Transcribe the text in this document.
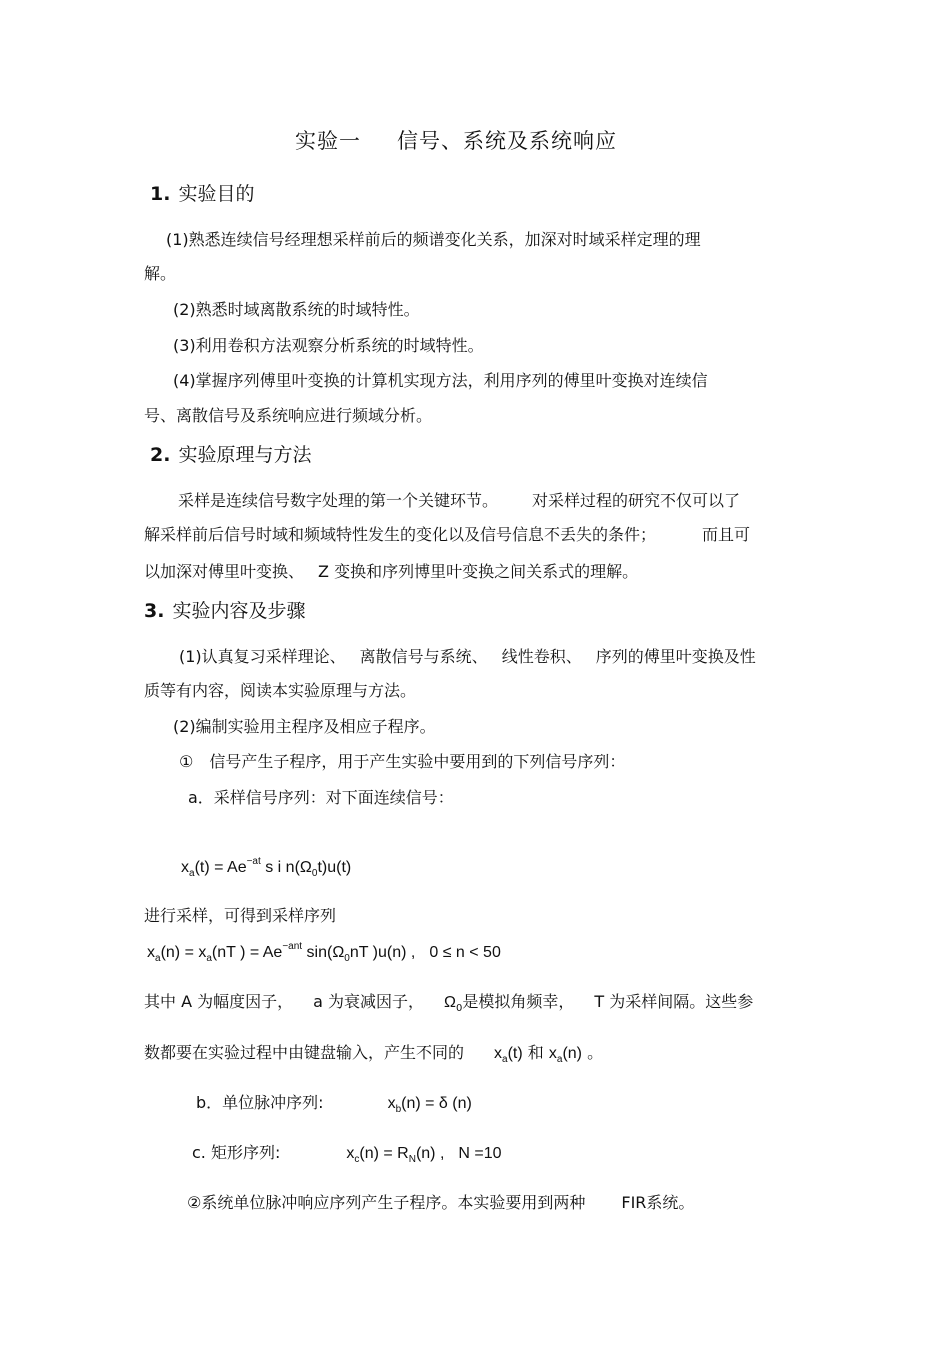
实验一 信号、系统及系统响应
1. 实验目的
(1)熟悉连续信号经理想采样前后的频谱变化关系，加深对时域采样定理的理
解。
(2)熟悉时域离散系统的时域特性。
(3)利用卷积方法观察分析系统的时域特性。
(4)掌握序列傅里叶变换的计算机实现方法，利用序列的傅里叶变换对连续信
号、离散信号及系统响应进行频域分析。
2. 实验原理与方法
采样是连续信号数字处理的第一个关键环节。 对采样过程的研究不仅可以了
解采样前后信号时域和频域特性发生的变化以及信号信息不丢失的条件；	而且可
以加深对傅里叶变换、 Z 变换和序列博里叶变换之间关系式的理解。
3. 实验内容及步骤
(1)认真复习采样理论、 离散信号与系统、 线性卷积、 序列的傅里叶变换及性
质等有内容，阅读本实验原理与方法。
(2)编制实验用主程序及相应子程序。
① 信号产生子程序，用于产生实验中要用到的下列信号序列：
a．采样信号序列：对下面连续信号：
$x_a(t) = Ae^{-at}$ s i $n(\Omega_0t)u(t)$
进行采样，可得到采样序列
$x_a(n) = x_a(nT$ ) = $Ae^{-ant}$ $\sin(\Omega_0nT$ )u(n) , 0 ≤ n < 50
其中 A 为幅度因子， a 为衰减因子， $\Omega_0$是模拟角频幸， T 为采样间隔。这些参
数都要在实验过程中由键盘输入，产生不同的 $x_a(t)$ 和 $x_a(n)$ 。
b．单位脉冲序列:	$x_b(n) = \delta$ (n)
c. 矩形序列:	$x_c(n) = R_N(n)$ , N =10
②系统单位脉冲响应序列产生子程序。本实验要用到两种 FIR系统。
